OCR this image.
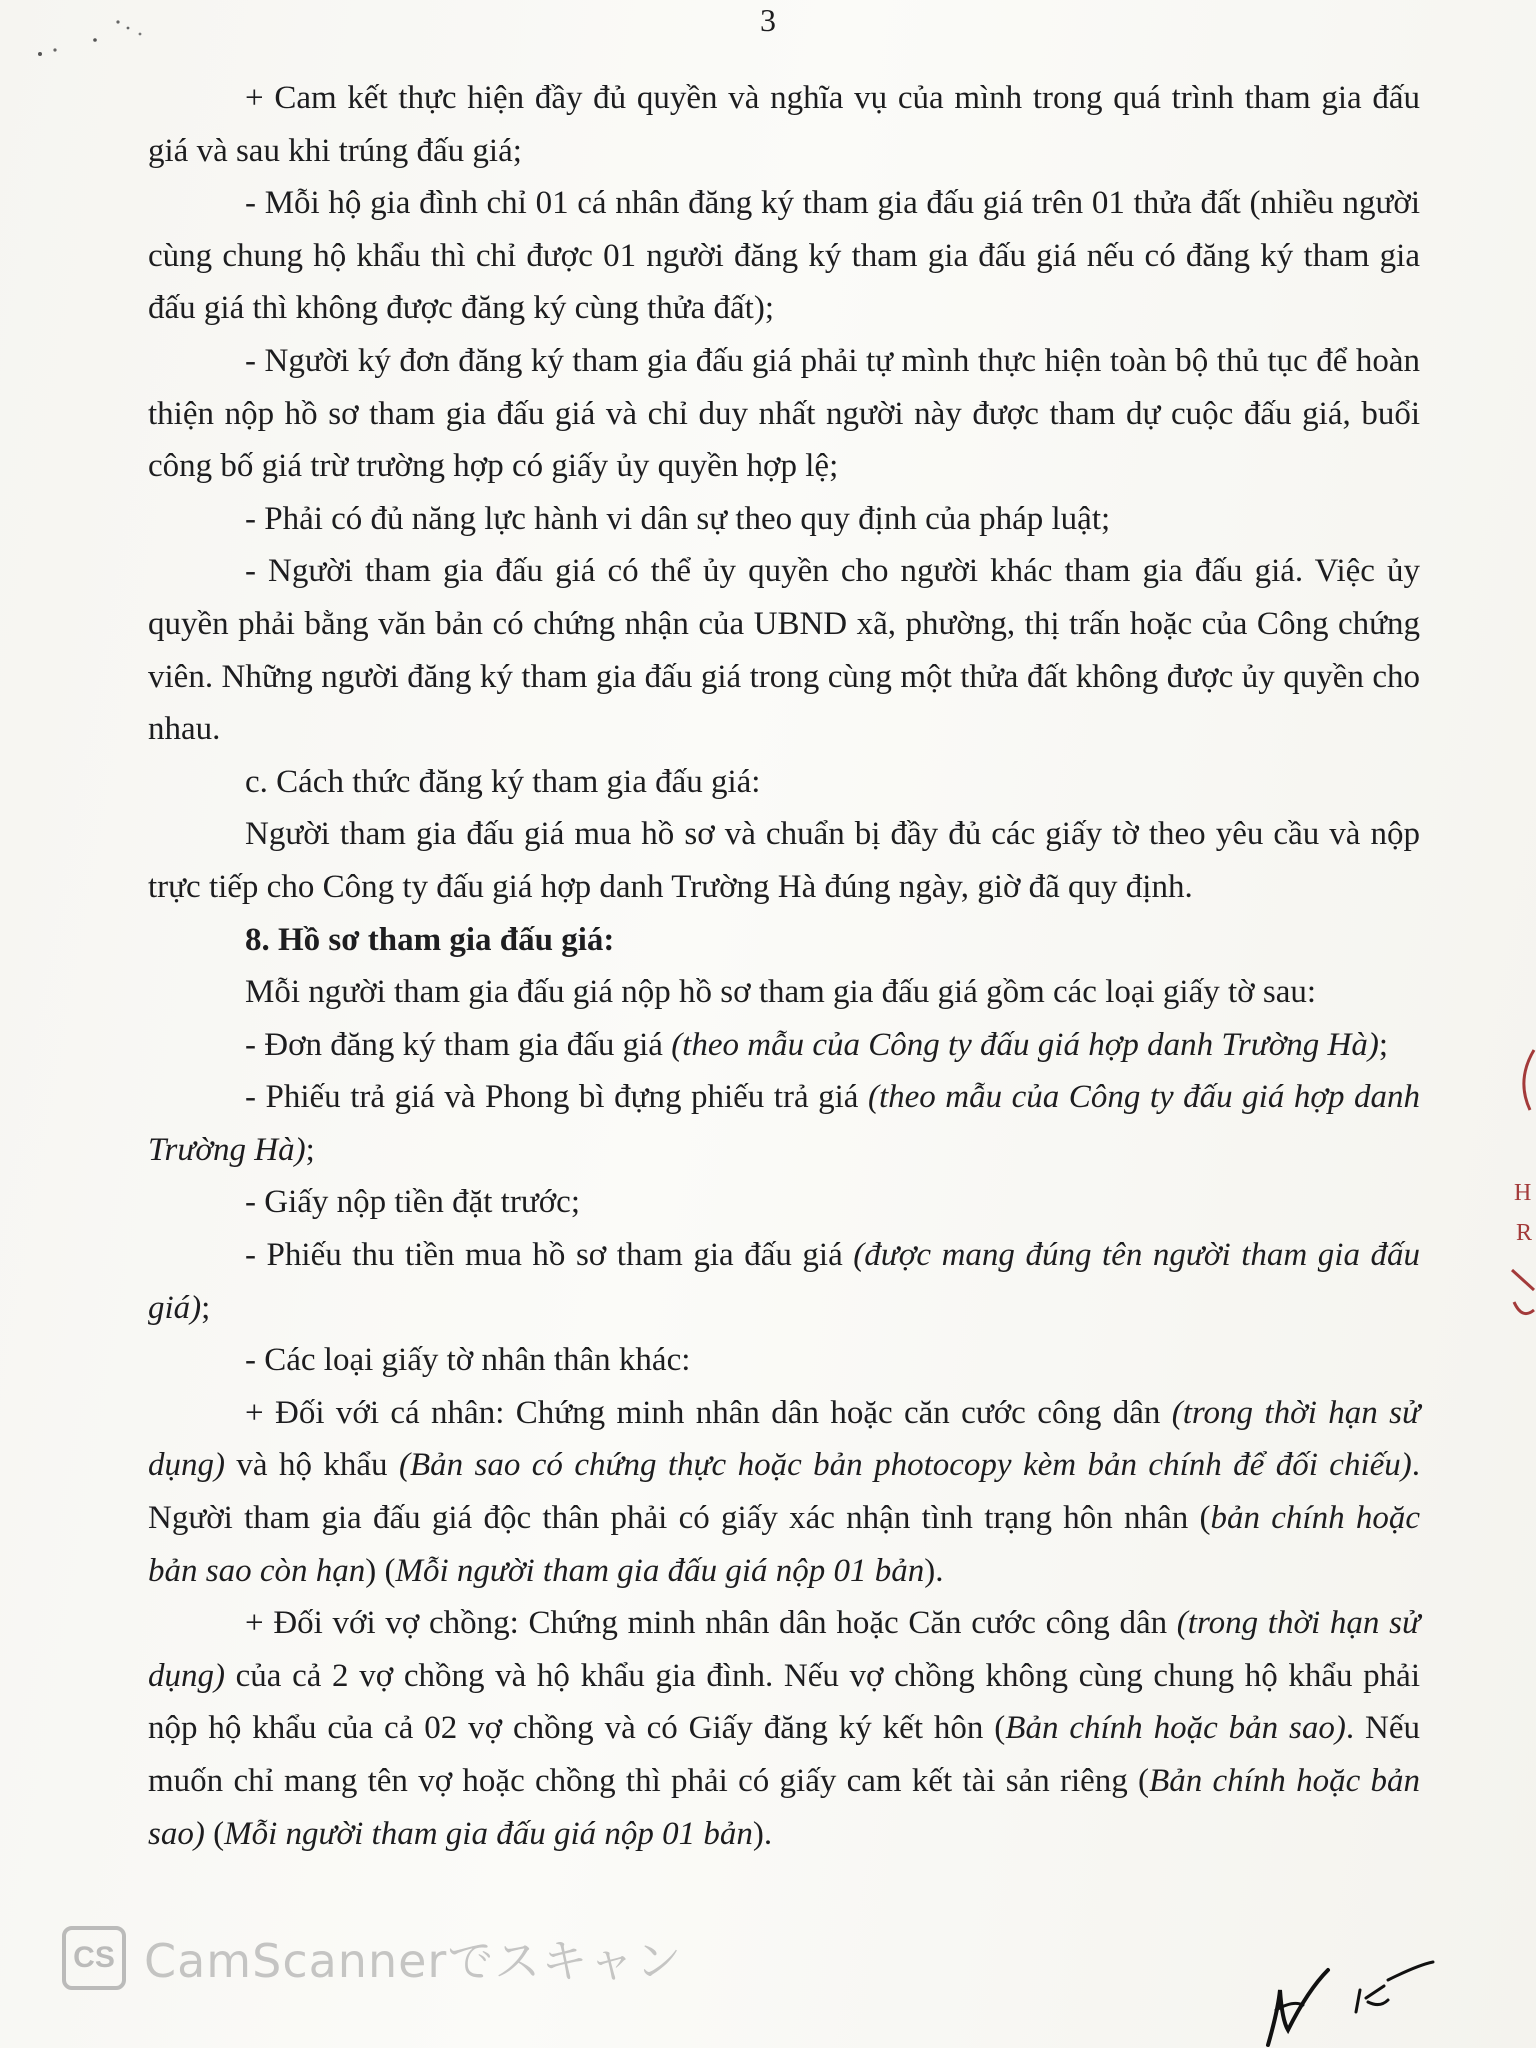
3

+ Cam kết thực hiện đầy đủ quyền và nghĩa vụ của mình trong quá trình tham gia đấu giá và sau khi trúng đấu giá;

- Mỗi hộ gia đình chỉ 01 cá nhân đăng ký tham gia đấu giá trên 01 thửa đất (nhiều người cùng chung hộ khẩu thì chỉ được 01 người đăng ký tham gia đấu giá nếu có đăng ký tham gia đấu giá thì không được đăng ký cùng thửa đất);

- Người ký đơn đăng ký tham gia đấu giá phải tự mình thực hiện toàn bộ thủ tục để hoàn thiện nộp hồ sơ tham gia đấu giá và chỉ duy nhất người này được tham dự cuộc đấu giá, buổi công bố giá trừ trường hợp có giấy ủy quyền hợp lệ;

- Phải có đủ năng lực hành vi dân sự theo quy định của pháp luật;

- Người tham gia đấu giá có thể ủy quyền cho người khác tham gia đấu giá. Việc ủy quyền phải bằng văn bản có chứng nhận của UBND xã, phường, thị trấn hoặc của Công chứng viên. Những người đăng ký tham gia đấu giá trong cùng một thửa đất không được ủy quyền cho nhau.

c. Cách thức đăng ký tham gia đấu giá:

Người tham gia đấu giá mua hồ sơ và chuẩn bị đầy đủ các giấy tờ theo yêu cầu và nộp trực tiếp cho Công ty đấu giá hợp danh Trường Hà đúng ngày, giờ đã quy định.

8. Hồ sơ tham gia đấu giá:

Mỗi người tham gia đấu giá nộp hồ sơ tham gia đấu giá gồm các loại giấy tờ sau:

- Đơn đăng ký tham gia đấu giá (theo mẫu của Công ty đấu giá hợp danh Trường Hà);

- Phiếu trả giá và Phong bì đựng phiếu trả giá (theo mẫu của Công ty đấu giá hợp danh Trường Hà);

- Giấy nộp tiền đặt trước;

- Phiếu thu tiền mua hồ sơ tham gia đấu giá (được mang đúng tên người tham gia đấu giá);

- Các loại giấy tờ nhân thân khác:

+ Đối với cá nhân: Chứng minh nhân dân hoặc căn cước công dân (trong thời hạn sử dụng) và hộ khẩu (Bản sao có chứng thực hoặc bản photocopy kèm bản chính để đối chiếu). Người tham gia đấu giá độc thân phải có giấy xác nhận tình trạng hôn nhân (bản chính hoặc bản sao còn hạn) (Mỗi người tham gia đấu giá nộp 01 bản).

+ Đối với vợ chồng: Chứng minh nhân dân hoặc Căn cước công dân (trong thời hạn sử dụng) của cả 2 vợ chồng và hộ khẩu gia đình. Nếu vợ chồng không cùng chung hộ khẩu phải nộp hộ khẩu của cả 02 vợ chồng và có Giấy đăng ký kết hôn (Bản chính hoặc bản sao). Nếu muốn chỉ mang tên vợ hoặc chồng thì phải có giấy cam kết tài sản riêng (Bản chính hoặc bản sao) (Mỗi người tham gia đấu giá nộp 01 bản).

H
R
CS CamScannerでスキャン
